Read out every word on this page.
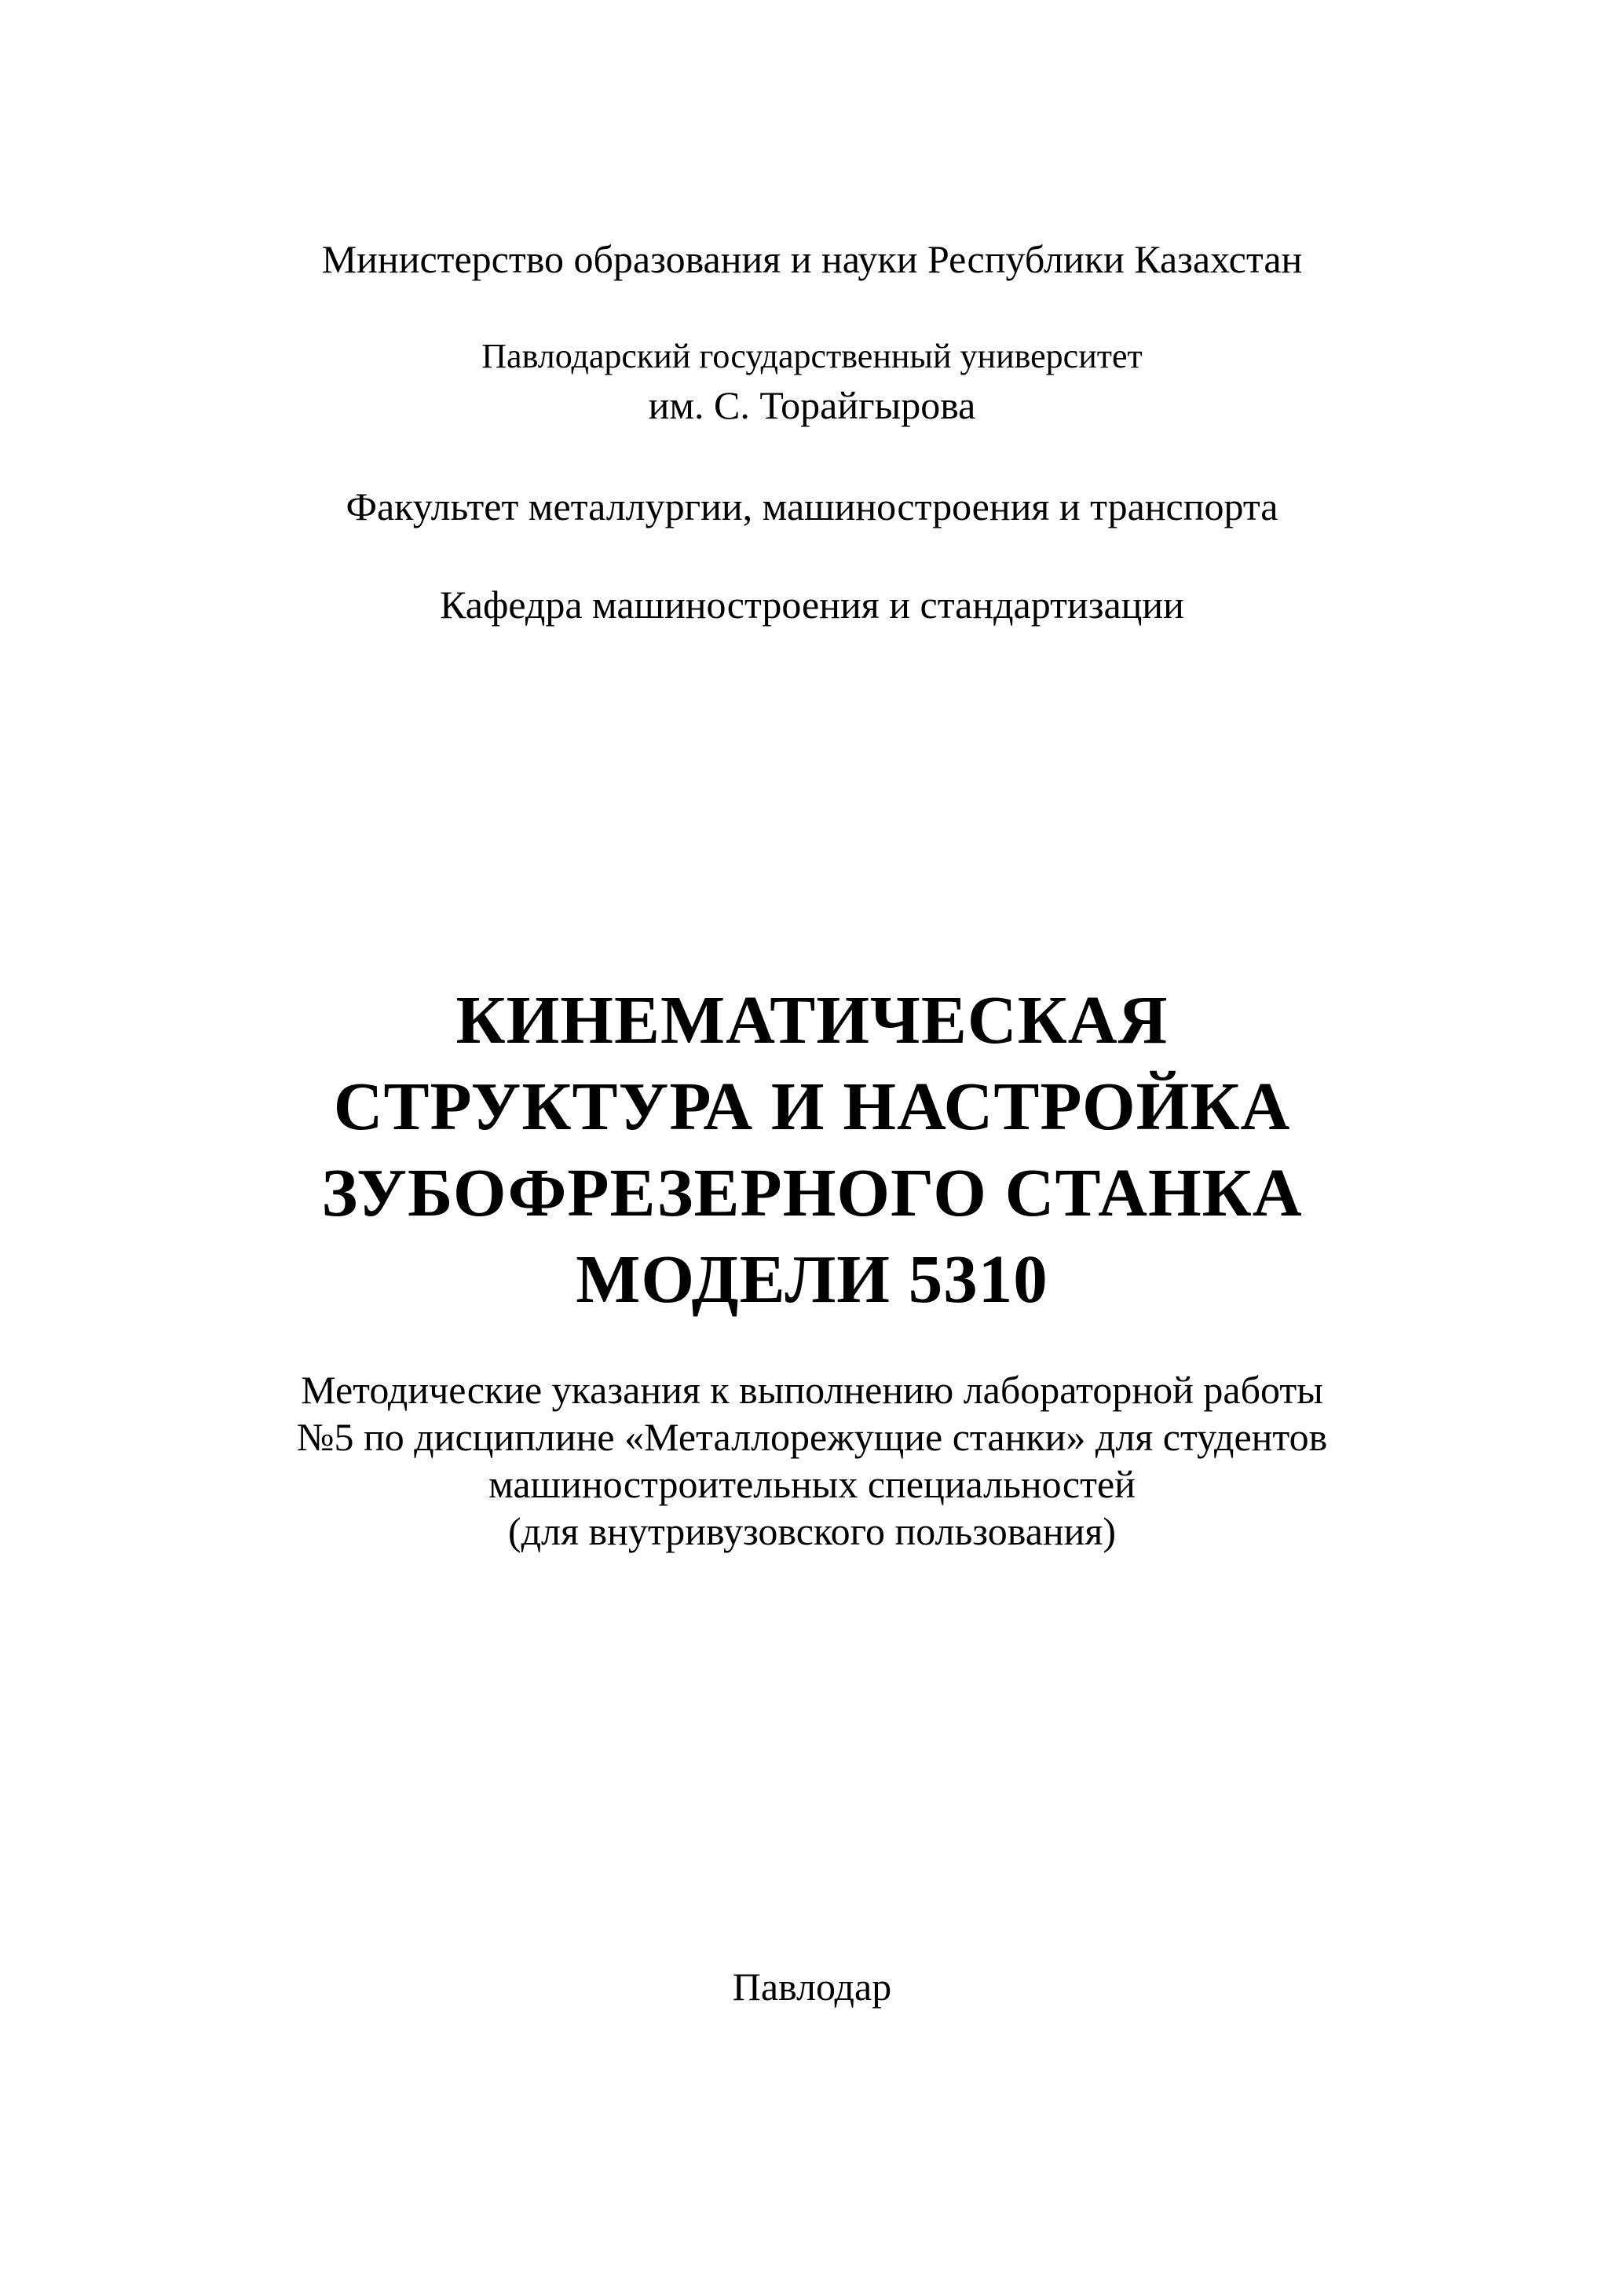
Министерство образования и науки Республики Казахстан
Павлодарский государственный университет
им. С. Торайгырова
Факультет металлургии, машиностроения и транспорта
Кафедра машиностроения и стандартизации
КИНЕМАТИЧЕСКАЯ
СТРУКТУРА И НАСТРОЙКА
ЗУБОФРЕЗЕРНОГО СТАНКА
МОДЕЛИ 5310
Методические указания к выполнению лабораторной работы
№5 по дисциплине «Металлорежущие станки» для студентов
машиностроительных специальностей
(для внутривузовского пользования)
Павлодар
